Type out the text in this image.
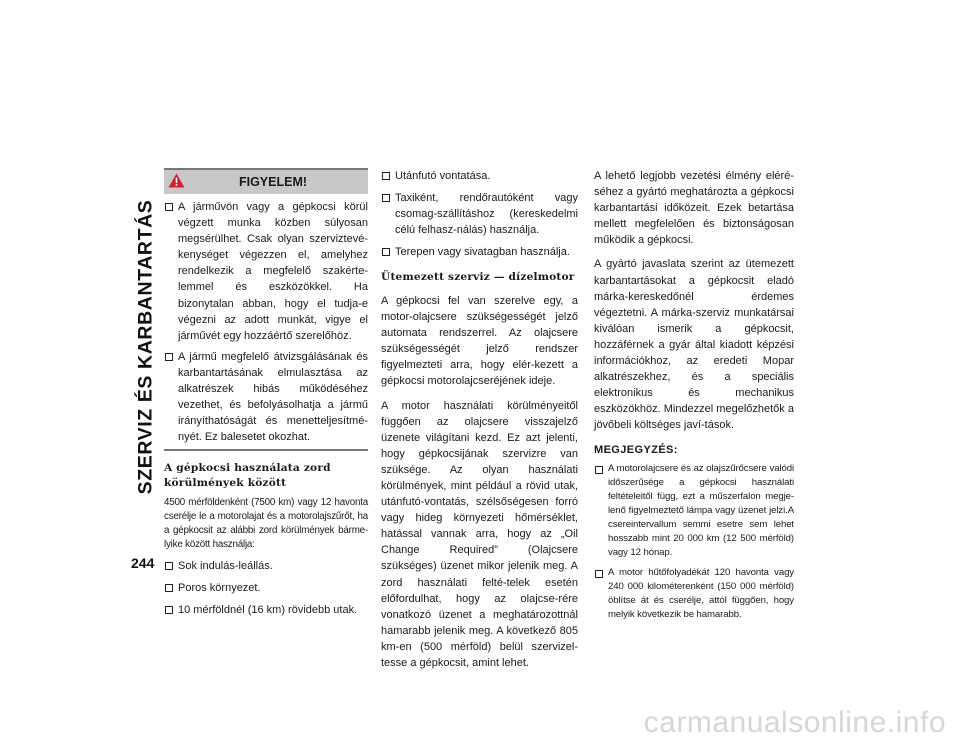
SZERVIZ ÉS KARBANTARTÁS
244
FIGYELEM!
A járművön vagy a gépkocsi körül végzett munka közben súlyosan megsérülhet. Csak olyan szerviztevé-kenységet végezzen el, amelyhez rendelkezik a megfelelő szakérte-lemmel és eszközökkel. Ha bizonytalan abban, hogy el tudja-e végezni az adott munkát, vigye el járművét egy hozzáértő szerelőhöz.
A jármű megfelelő átvizsgálásának és karbantartásának elmulasztása az alkatrészek hibás működéséhez vezethet, és befolyásolhatja a jármű irányíthatóságát és menetteljesítmé-nyét. Ez balesetet okozhat.
A gépkocsi használata zord körülmények között

4500 mérföldenként (7500 km) vagy 12 havonta cserélje le a motorolajat és a motorolajszűrőt, ha a gépkocsit az alábbi zord körülmények bárme-lyike között használja:

Sok indulás-leállás.
Poros környezet.
10 mérföldnél (16 km) rövidebb utak.
Utánfutó vontatása.
Taxiként, rendőrautóként vagy csomag-szállításhoz (kereskedelmi célú felhasz-nálás) használja.
Terepen vagy sivatagban használja.
Ütemezett szerviz — dízelmotor

A gépkocsi fel van szerelve egy, a motor-olajcsere szükségességét jelző automata rendszerrel. Az olajcsere szükségességét jelző rendszer figyelmezteti arra, hogy elér-kezett a gépkocsi motorolajcseréjének ideje.

A motor használati körülményeitől függően az olajcsere visszajelző üzenete világítani kezd. Ez azt jelenti, hogy gépkocsijának szervizre van szüksége. Az olyan használati körülmények, mint például a rövid utak, utánfutó-vontatás, szélsőségesen forró vagy hideg környezeti hőmérséklet, hatással vannak arra, hogy az „Oil Change Required” (Olajcsere szükséges) üzenet mikor jelenik meg. A zord használati felté-telek esetén előfordulhat, hogy az olajcse-rére vonatkozó üzenet a meghatározottnál hamarabb jelenik meg. A következő 805 km-en (500 mérföld) belül szervizel-tesse a gépkocsit, amint lehet.

A lehető legjobb vezetési élmény eléré-séhez a gyártó meghatározta a gépkocsi karbantartási időközeit. Ezek betartása mellett megfelelően és biztonságosan működik a gépkocsi.

A gyártó javaslata szerint az ütemezett karbantartásokat a gépkocsit eladó márka-kereskedőnél érdemes végeztetni. A márka-szerviz munkatársai kiválóan ismerik a gépkocsit, hozzáférnek a gyár által kiadott képzési információkhoz, az eredeti Mopar alkatrészekhez, és a speciális elektronikus és mechanikus eszközökhöz. Mindezzel megelőzhetők a jövőbeli költséges javí-tások.

MEGJEGYZÉS:
A motorolajcsere és az olajszűrőcsere valódi időszerűsége a gépkocsi használati feltételeitől függ, ezt a műszerfalon megje-lenő figyelmeztető lámpa vagy üzenet jelzi.A csereintervallum semmi esetre sem lehet hosszabb mint 20 000 km (12 500 mérföld) vagy 12 hónap.
A motor hűtőfolyadékát 120 havonta vagy 240 000 kilométerenként (150 000 mérföld) öblítse át és cserélje, attól függően, hogy melyik következik be hamarabb.
carmanualsonline.info
